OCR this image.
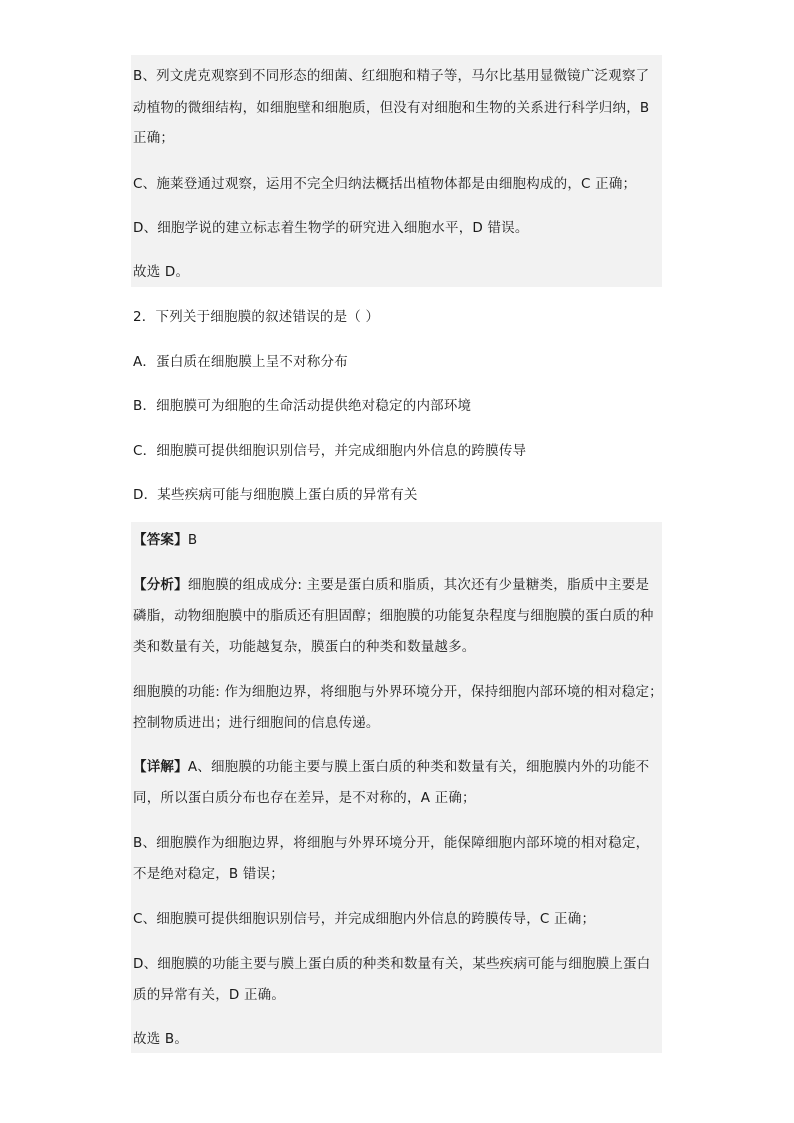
B、列文虎克观察到不同形态的细菌、红细胞和精子等，马尔比基用显微镜广泛观察了
动植物的微细结构，如细胞壁和细胞质，但没有对细胞和生物的关系进行科学归纳，B
正确；
C、施莱登通过观察，运用不完全归纳法概括出植物体都是由细胞构成的，C 正确；
D、细胞学说的建立标志着生物学的研究进入细胞水平，D 错误。
故选 D。
2．下列关于细胞膜的叙述错误的是（ ）
A．蛋白质在细胞膜上呈不对称分布
B．细胞膜可为细胞的生命活动提供绝对稳定的内部环境
C．细胞膜可提供细胞识别信号，并完成细胞内外信息的跨膜传导
D．某些疾病可能与细胞膜上蛋白质的异常有关
【答案】B
【分析】细胞膜的组成成分: 主要是蛋白质和脂质，其次还有少量糖类，脂质中主要是
磷脂，动物细胞膜中的脂质还有胆固醇；细胞膜的功能复杂程度与细胞膜的蛋白质的种
类和数量有关，功能越复杂，膜蛋白的种类和数量越多。
细胞膜的功能: 作为细胞边界，将细胞与外界环境分开，保持细胞内部环境的相对稳定；
控制物质进出；进行细胞间的信息传递。
【详解】A、细胞膜的功能主要与膜上蛋白质的种类和数量有关，细胞膜内外的功能不
同，所以蛋白质分布也存在差异，是不对称的，A 正确；
B、细胞膜作为细胞边界，将细胞与外界环境分开，能保障细胞内部环境的相对稳定，
不是绝对稳定，B 错误；
C、细胞膜可提供细胞识别信号，并完成细胞内外信息的跨膜传导，C 正确；
D、细胞膜的功能主要与膜上蛋白质的种类和数量有关，某些疾病可能与细胞膜上蛋白
质的异常有关，D 正确。
故选 B。
